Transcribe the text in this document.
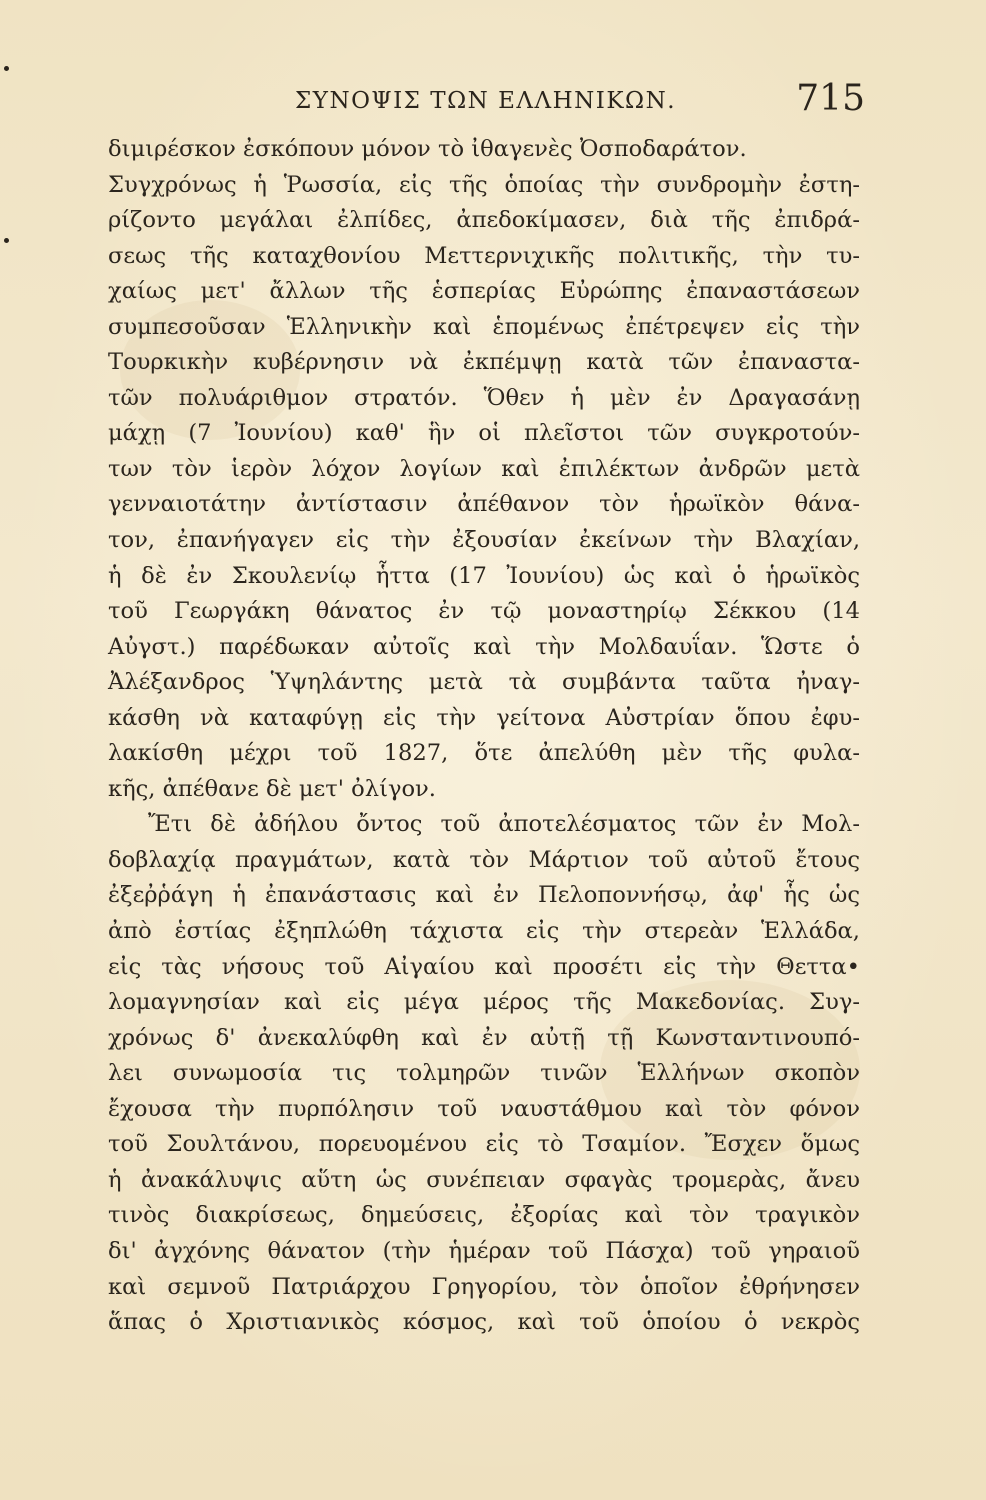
ΣΥΝΟΨΙΣ ΤΩΝ ΕΛΛΗΝΙΚΩΝ.	715
διμιρέσκον ἐσκόπουν μόνον τὸ ἰθαγενὲς Ὀσποδαράτον.
Συγχρόνως ἡ Ῥωσσία, εἰς τῆς ὁποίας τὴν συνδρομὴν ἐστη-
ρίζοντο μεγάλαι ἐλπίδες, ἀπεδοκίμασεν, διὰ τῆς ἐπιδρά-
σεως τῆς καταχθονίου Μεττερνιχικῆς πολιτικῆς, τὴν τυ-
χαίως μετ' ἄλλων τῆς ἑσπερίας Εὐρώπης ἐπαναστάσεων
συμπεσοῦσαν Ἑλληνικὴν καὶ ἑπομένως ἐπέτρεψεν εἰς τὴν
Τουρκικὴν κυβέρνησιν νὰ ἐκπέμψῃ κατὰ τῶν ἐπαναστα-
τῶν πολυάριθμον στρατόν. Ὅθεν ἡ μὲν ἐν Δραγασάνῃ
μάχῃ (7 Ἰουνίου) καθ' ἣν οἱ πλεῖστοι τῶν συγκροτούν-
των τὸν ἱερὸν λόχον λογίων καὶ ἐπιλέκτων ἀνδρῶν μετὰ
γενναιοτάτην ἀντίστασιν ἀπέθανον τὸν ἡρωϊκὸν θάνα-
τον, ἐπανήγαγεν εἰς τὴν ἐξουσίαν ἐκείνων τὴν Βλαχίαν,
ἡ δὲ ἐν Σκουλενίῳ ἧττα (17 Ἰουνίου) ὡς καὶ ὁ ἡρωϊκὸς
τοῦ Γεωργάκη θάνατος ἐν τῷ μοναστηρίῳ Σέκκου (14
Αὐγστ.) παρέδωκαν αὐτοῖς καὶ τὴν Μολδαυΐαν. Ὥστε ὁ
Ἀλέξανδρος Ὑψηλάντης μετὰ τὰ συμβάντα ταῦτα ἠναγ-
κάσθη νὰ καταφύγῃ εἰς τὴν γείτονα Αὐστρίαν ὅπου ἐφυ-
λακίσθη μέχρι τοῦ 1827, ὅτε ἀπελύθη μὲν τῆς φυλα-
κῆς, ἀπέθανε δὲ μετ' ὀλίγον.
Ἔτι δὲ ἀδήλου ὄντος τοῦ ἀποτελέσματος τῶν ἐν Μολ-
δοβλαχίᾳ πραγμάτων, κατὰ τὸν Μάρτιον τοῦ αὐτοῦ ἔτους
ἐξεῤῥάγη ἡ ἐπανάστασις καὶ ἐν Πελοποννήσῳ, ἀφ' ἧς ὡς
ἀπὸ ἑστίας ἐξηπλώθη τάχιστα εἰς τὴν στερεὰν Ἑλλάδα,
εἰς τὰς νήσους τοῦ Αἰγαίου καὶ προσέτι εἰς τὴν Θεττα•
λομαγνησίαν καὶ εἰς μέγα μέρος τῆς Μακεδονίας. Συγ-
χρόνως δ' ἀνεκαλύφθη καὶ ἐν αὐτῇ τῇ Κωνσταντινουπό-
λει συνωμοσία τις τολμηρῶν τινῶν Ἑλλήνων σκοπὸν
ἔχουσα τὴν πυρπόλησιν τοῦ ναυστάθμου καὶ τὸν φόνον
τοῦ Σουλτάνου, πορευομένου εἰς τὸ Τσαμίον. Ἔσχεν ὅμως
ἡ ἀνακάλυψις αὕτη ὡς συνέπειαν σφαγὰς τρομερὰς, ἄνευ
τινὸς διακρίσεως, δημεύσεις, ἐξορίας καὶ τὸν τραγικὸν
δι' ἀγχόνης θάνατον (τὴν ἡμέραν τοῦ Πάσχα) τοῦ γηραιοῦ
καὶ σεμνοῦ Πατριάρχου Γρηγορίου, τὸν ὁποῖον ἐθρήνησεν
ἅπας ὁ Χριστιανικὸς κόσμος, καὶ τοῦ ὁποίου ὁ νεκρὸς
